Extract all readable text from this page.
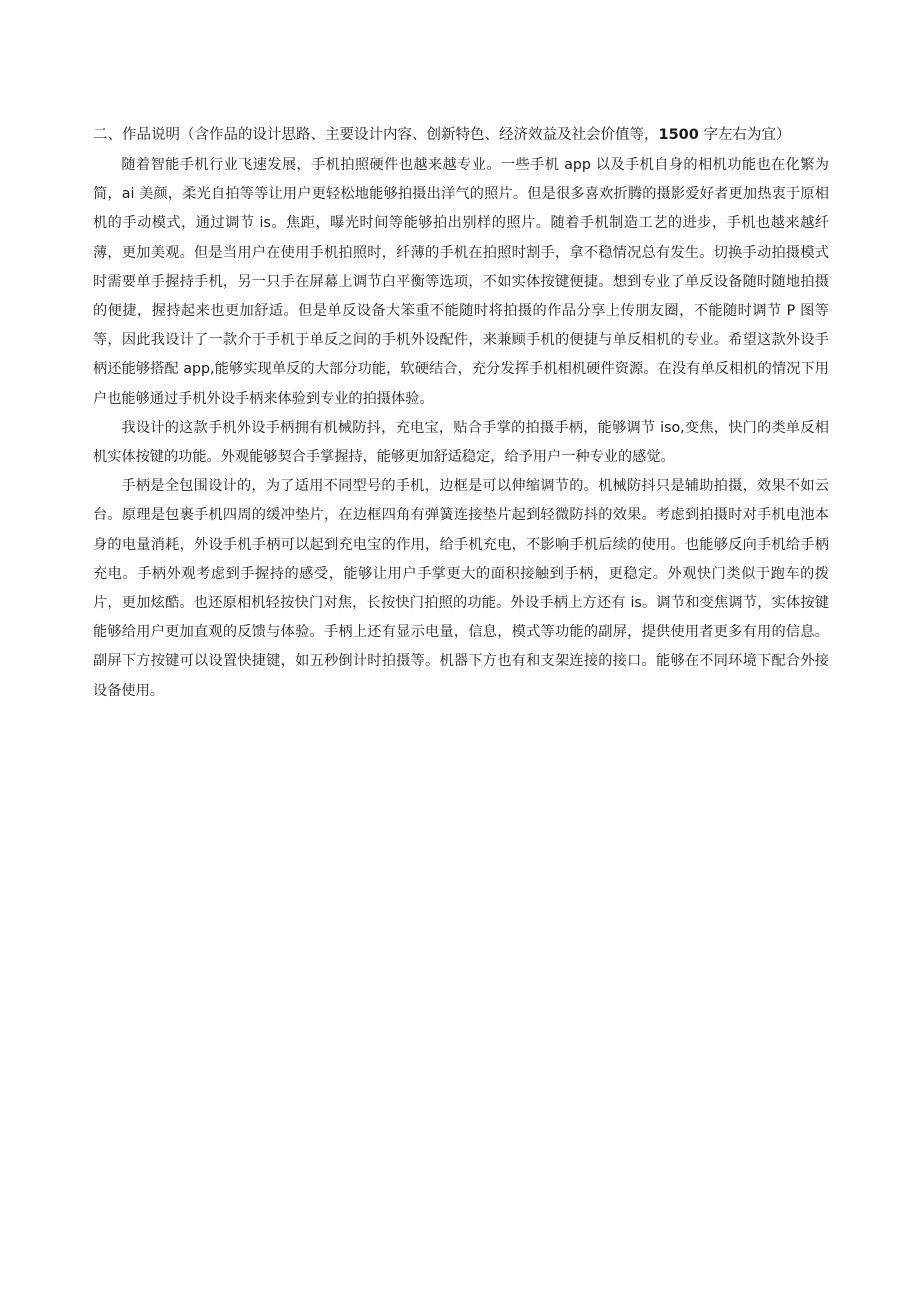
二、作品说明（含作品的设计思路、主要设计内容、创新特色、经济效益及社会价值等，1500 字左右为宜）

随着智能手机行业飞速发展，手机拍照硬件也越来越专业。一些手机 app 以及手机自身的相机功能也在化繁为简，ai 美颜，柔光自拍等等让用户更轻松地能够拍摄出洋气的照片。但是很多喜欢折腾的摄影爱好者更加热衷于原相机的手动模式，通过调节 is。焦距，曝光时间等能够拍出别样的照片。随着手机制造工艺的进步，手机也越来越纤薄，更加美观。但是当用户在使用手机拍照时，纤薄的手机在拍照时割手，拿不稳情况总有发生。切换手动拍摄模式时需要单手握持手机，另一只手在屏幕上调节白平衡等选项，不如实体按键便捷。想到专业了单反设备随时随地拍摄的便捷，握持起来也更加舒适。但是单反设备大笨重不能随时将拍摄的作品分享上传朋友圈，不能随时调节 P 图等等，因此我设计了一款介于手机于单反之间的手机外设配件，来兼顾手机的便捷与单反相机的专业。希望这款外设手柄还能够搭配 app,能够实现单反的大部分功能，软硬结合，充分发挥手机相机硬件资源。在没有单反相机的情况下用户也能够通过手机外设手柄来体验到专业的拍摄体验。

我设计的这款手机外设手柄拥有机械防抖，充电宝，贴合手掌的拍摄手柄，能够调节 iso,变焦，快门的类单反相机实体按键的功能。外观能够契合手掌握持，能够更加舒适稳定，给予用户一种专业的感觉。

手柄是全包围设计的，为了适用不同型号的手机，边框是可以伸缩调节的。机械防抖只是辅助拍摄，效果不如云台。原理是包裹手机四周的缓冲垫片，在边框四角有弹簧连接垫片起到轻微防抖的效果。考虑到拍摄时对手机电池本身的电量消耗，外设手机手柄可以起到充电宝的作用，给手机充电，不影响手机后续的使用。也能够反向手机给手柄充电。手柄外观考虑到手握持的感受，能够让用户手掌更大的面积接触到手柄，更稳定。外观快门类似于跑车的拨片，更加炫酷。也还原相机轻按快门对焦，长按快门拍照的功能。外设手柄上方还有 is。调节和变焦调节，实体按键能够给用户更加直观的反馈与体验。手柄上还有显示电量，信息，模式等功能的副屏，提供使用者更多有用的信息。副屏下方按键可以设置快捷键，如五秒倒计时拍摄等。机器下方也有和支架连接的接口。能够在不同环境下配合外接设备使用。
